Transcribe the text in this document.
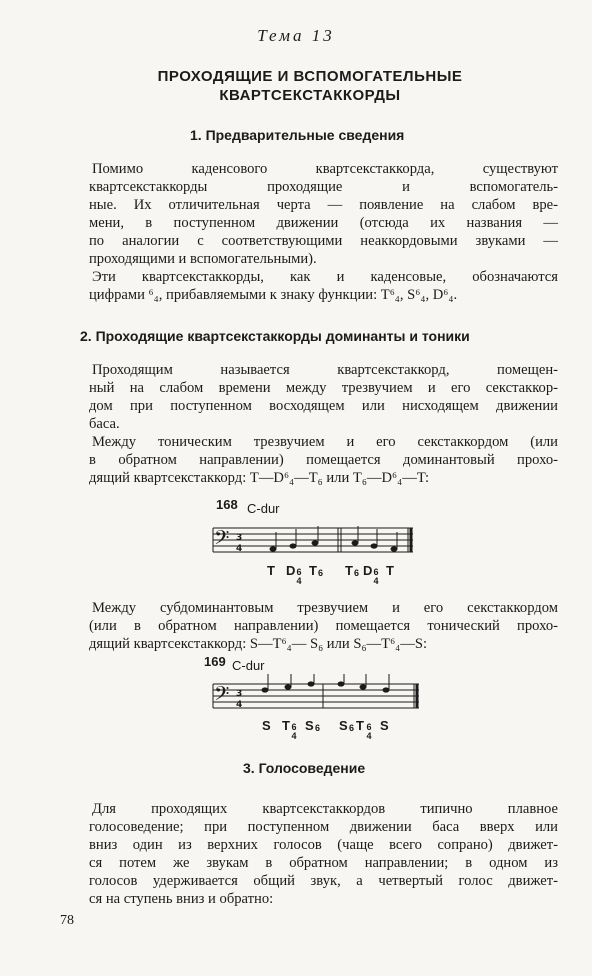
Тема 13
ПРОХОДЯЩИЕ И ВСПОМОГАТЕЛЬНЫЕ
КВАРТСЕКСТАККОРДЫ
1. Предварительные сведения
Помимо каденсового квартсекстаккорда, существуют
квартсекстаккорды проходящие и вспомогатель-
ные. Их отличительная черта — появление на слабом вре-
мени, в поступенном движении (отсюда их названия —
по аналогии с соответствующими неаккордовыми звуками —
проходящими и вспомогательными).
Эти квартсекстаккорды, как и каденсовые, обозначаются
цифрами ⁶₄, прибавляемыми к знаку функции: T⁶₄, S⁶₄, D⁶₄.
2. Проходящие квартсекстаккорды доминанты и тоники
Проходящим называется квартсекстаккорд, помещен-
ный на слабом времени между трезвучием и его секстаккор-
дом при поступенном восходящем или нисходящем движении
баса.
Между тоническим трезвучием и его секстаккордом (или
в обратном направлении) помещается доминантовый прохо-
дящий квартсекстаккорд: T—D⁶₄—T₆ или T₆—D⁶₄—T:
168 C-dur
𝄢 3
4
T D 6 4
T 6 T 6 D 6 4
T
Между субдоминантовым трезвучием и его секстаккордом
(или в обратном направлении) помещается тонический прохо-
дящий квартсекстаккорд: S—T⁶₄— S₆ или S₆—T⁶₄—S:
169 C-dur
𝄢 3
4
S T 6 4
S 6 S 6 T 6 4
S
3. Голосоведение
Для проходящих квартсекстаккордов типично плавное
голосоведение; при поступенном движении баса вверх или
вниз один из верхних голосов (чаще всего сопрано) движет-
ся потем же звукам в обратном направлении; в одном из
голосов удерживается общий звук, а четвертый голос движет-
ся на ступень вниз и обратно:
78
